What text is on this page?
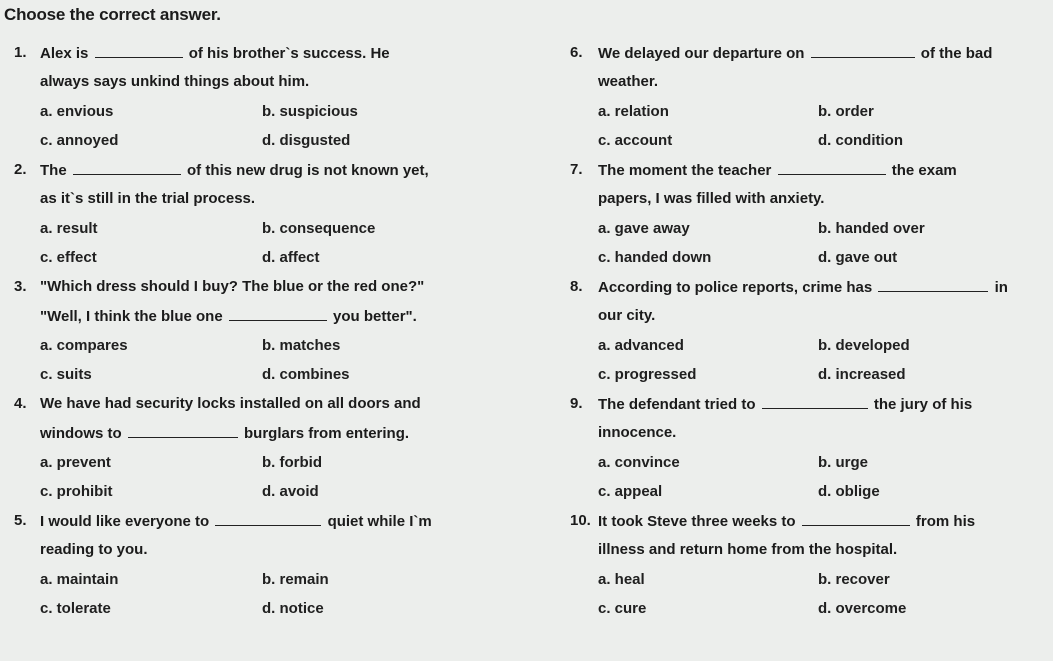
Choose the correct answer.
1. Alex is	of his brother`s success. He
always says unkind things about him.
a. envious	b. suspicious
c. annoyed	d. disgusted
2. The	of this new drug is not known yet,
as it`s still in the trial process.
a. result	b. consequence
c. effect	d. affect
3. "Which dress should I buy? The blue or the red one?"
"Well, I think the blue one	you better".
a. compares	b. matches
c. suits	d. combines
4. We have had security locks installed on all doors and
windows to	burglars from entering.
a. prevent	b. forbid
c. prohibit	d. avoid
5. I would like everyone to	quiet while I`m
reading to you.
a. maintain	b. remain
c. tolerate	d. notice
6. We delayed our departure on	of the bad
weather.
a. relation	b. order
c. account	d. condition
7. The moment the teacher	the exam
papers, I was filled with anxiety.
a. gave away	b. handed over
c. handed down	d. gave out
8. According to police reports, crime has	in
our city.
a. advanced	b. developed
c. progressed	d. increased
9. The defendant tried to	the jury of his
innocence.
a. convince	b. urge
c. appeal	d. oblige
10. It took Steve three weeks to	from his
illness and return home from the hospital.
a. heal	b. recover
c. cure	d. overcome
